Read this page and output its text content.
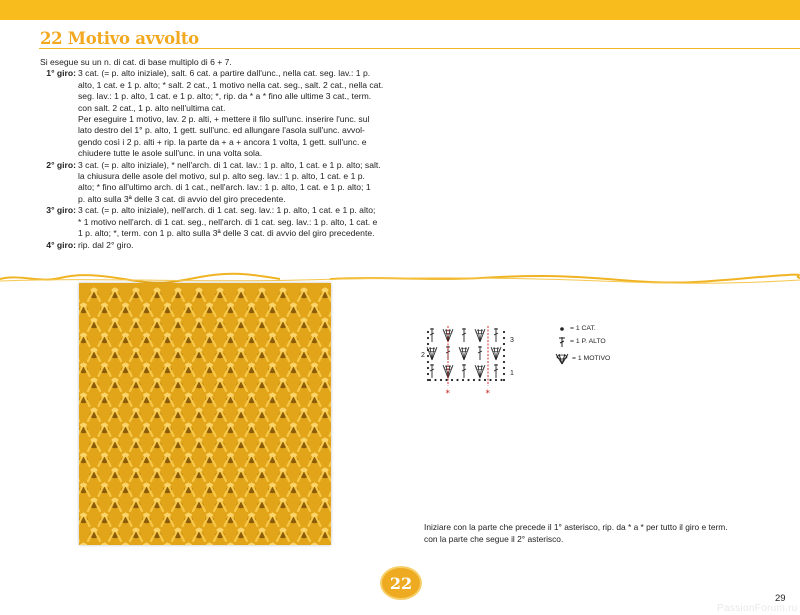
22 Motivo avvolto
Si esegue su un n. di cat. di base multiplo di 6 + 7.
1° giro: 3 cat. (= p. alto iniziale), salt. 6 cat. a partire dall'unc., nella cat. seg. lav.: 1 p.
alto, 1 cat. e 1 p. alto; * salt. 2 cat., 1 motivo nella cat. seg., salt. 2 cat., nella cat.
seg. lav.: 1 p. alto, 1 cat. e 1 p. alto; *, rip. da * a * fino alle ultime 3 cat., term.
con salt. 2 cat., 1 p. alto nell'ultima cat.
Per eseguire 1 motivo, lav. 2 p. alti, + mettere il filo sull'unc. inserire l'unc. sul
lato destro del 1° p. alto, 1 gett. sull'unc. ed allungare l'asola sull'unc. avvol-
gendo così i 2 p. alti + rip. la parte da + a + ancora 1 volta, 1 gett. sull'unc. e
chiudere tutte le asole sull'unc. in una volta sola.
2° giro: 3 cat. (= p. alto iniziale), * nell'arch. di 1 cat. lav.: 1 p. alto, 1 cat. e 1 p. alto; salt.
la chiusura delle asole del motivo, sul p. alto seg. lav.: 1 p. alto, 1 cat. e 1 p.
alto; * fino all'ultimo arch. di 1 cat., nell'arch. lav.: 1 p. alto, 1 cat. e 1 p. alto; 1
p. alto sulla 3ª delle 3 cat. di avvio del giro precedente.
3° giro: 3 cat. (= p. alto iniziale), nell'arch. di 1 cat. seg. lav.: 1 p. alto, 1 cat. e 1 p. alto;
* 1 motivo nell'arch. di 1 cat. seg., nell'arch. di 1 cat. seg. lav.: 1 p. alto, 1 cat. e
1 p. alto; *, term. con 1 p. alto sulla 3ª delle 3 cat. di avvio del giro precedente.
4° giro: rip. dal 2° giro.
*	*
3
2
1
= 1 CAT.
= 1 P. ALTO
= 1 MOTIVO
Iniziare con la parte che precede il 1° asterisco, rip. da * a * per tutto il giro e term.
con la parte che segue il 2° asterisco.
22
29
PassionForum.ru
